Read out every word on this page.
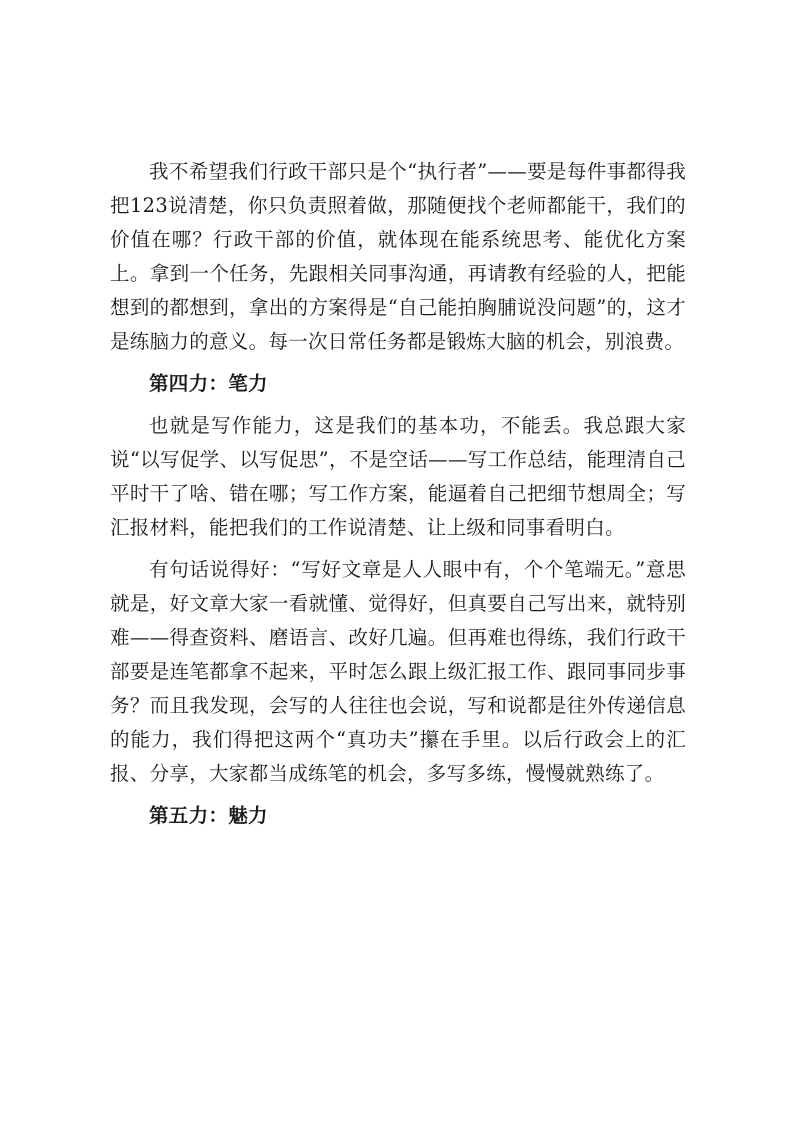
我不希望我们行政干部只是个“执行者”——要是每件事都得我把123说清楚，你只负责照着做，那随便找个老师都能干，我们的价值在哪？行政干部的价值，就体现在能系统思考、能优化方案上。拿到一个任务，先跟相关同事沟通，再请教有经验的人，把能想到的都想到，拿出的方案得是“自己能拍胸脯说没问题”的，这才是练脑力的意义。每一次日常任务都是锻炼大脑的机会，别浪费。

第四力：笔力

也就是写作能力，这是我们的基本功，不能丢。我总跟大家说“以写促学、以写促思”，不是空话——写工作总结，能理清自己平时干了啥、错在哪；写工作方案，能逼着自己把细节想周全；写汇报材料，能把我们的工作说清楚、让上级和同事看明白。

有句话说得好：“写好文章是人人眼中有，个个笔端无。”意思就是，好文章大家一看就懂、觉得好，但真要自己写出来，就特别难——得查资料、磨语言、改好几遍。但再难也得练，我们行政干部要是连笔都拿不起来，平时怎么跟上级汇报工作、跟同事同步事务？而且我发现，会写的人往往也会说，写和说都是往外传递信息的能力，我们得把这两个“真功夫”攥在手里。以后行政会上的汇报、分享，大家都当成练笔的机会，多写多练，慢慢就熟练了。

第五力：魅力
